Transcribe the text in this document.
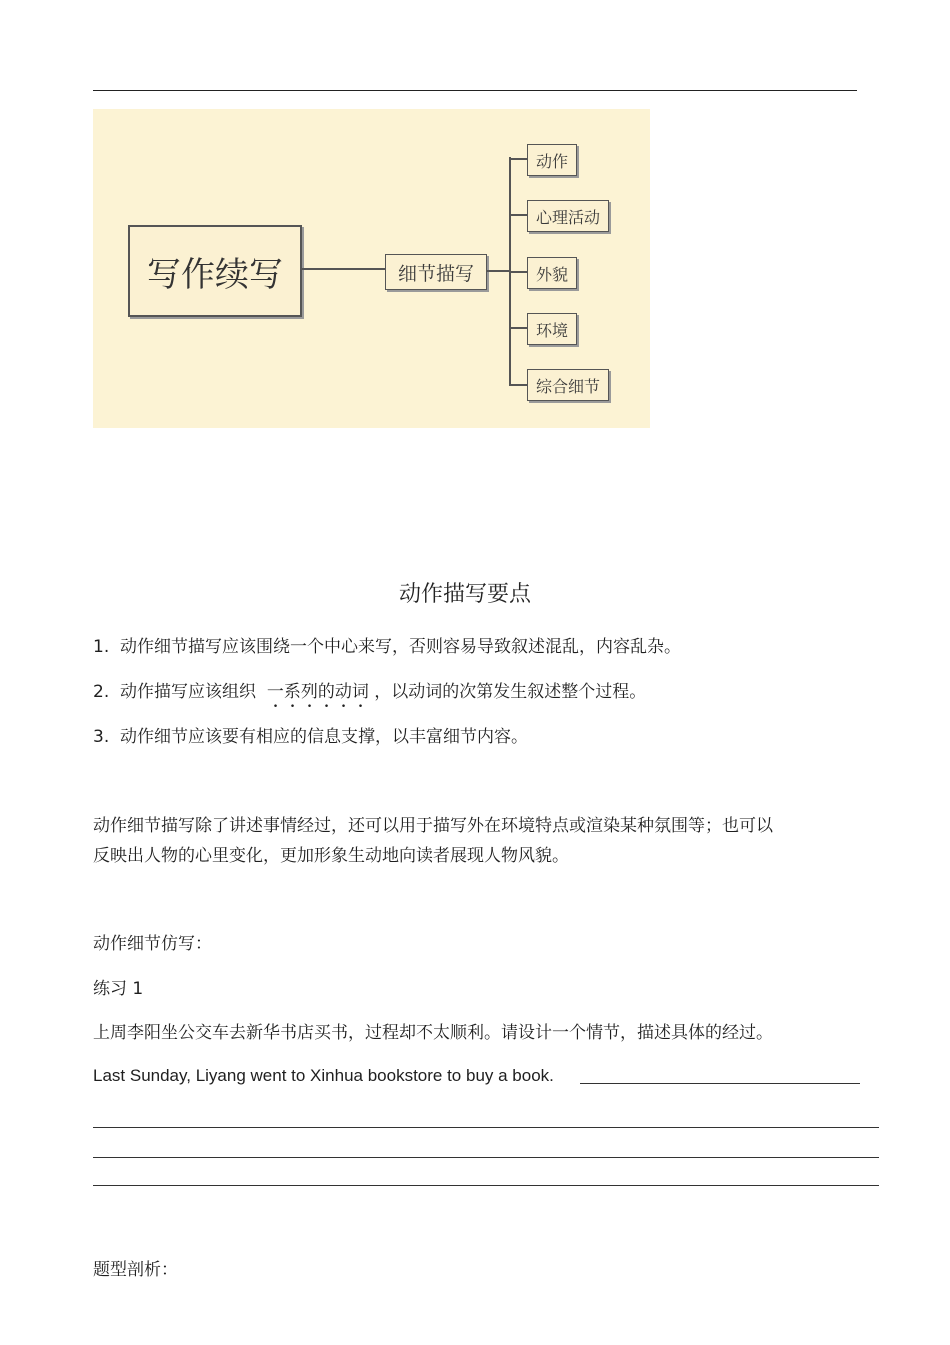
写作续写	细节描写
动作
心理活动
外貌
环境
综合细节
动作描写要点
1. 动作细节描写应该围绕一个中心来写，否则容易导致叙述混乱，内容乱杂。
2. 动作描写应该组织 一系列的动词 ，以动词的次第发生叙述整个过程。
3. 动作细节应该要有相应的信息支撑，以丰富细节内容。
动作细节描写除了讲述事情经过，还可以用于描写外在环境特点或渲染某种氛围等；也可以
反映出人物的心里变化，更加形象生动地向读者展现人物风貌。
动作细节仿写：
练习 1
上周李阳坐公交车去新华书店买书，过程却不太顺利。请设计一个情节，描述具体的经过。
Last Sunday, Liyang went to Xinhua bookstore to buy a book.
题型剖析：
